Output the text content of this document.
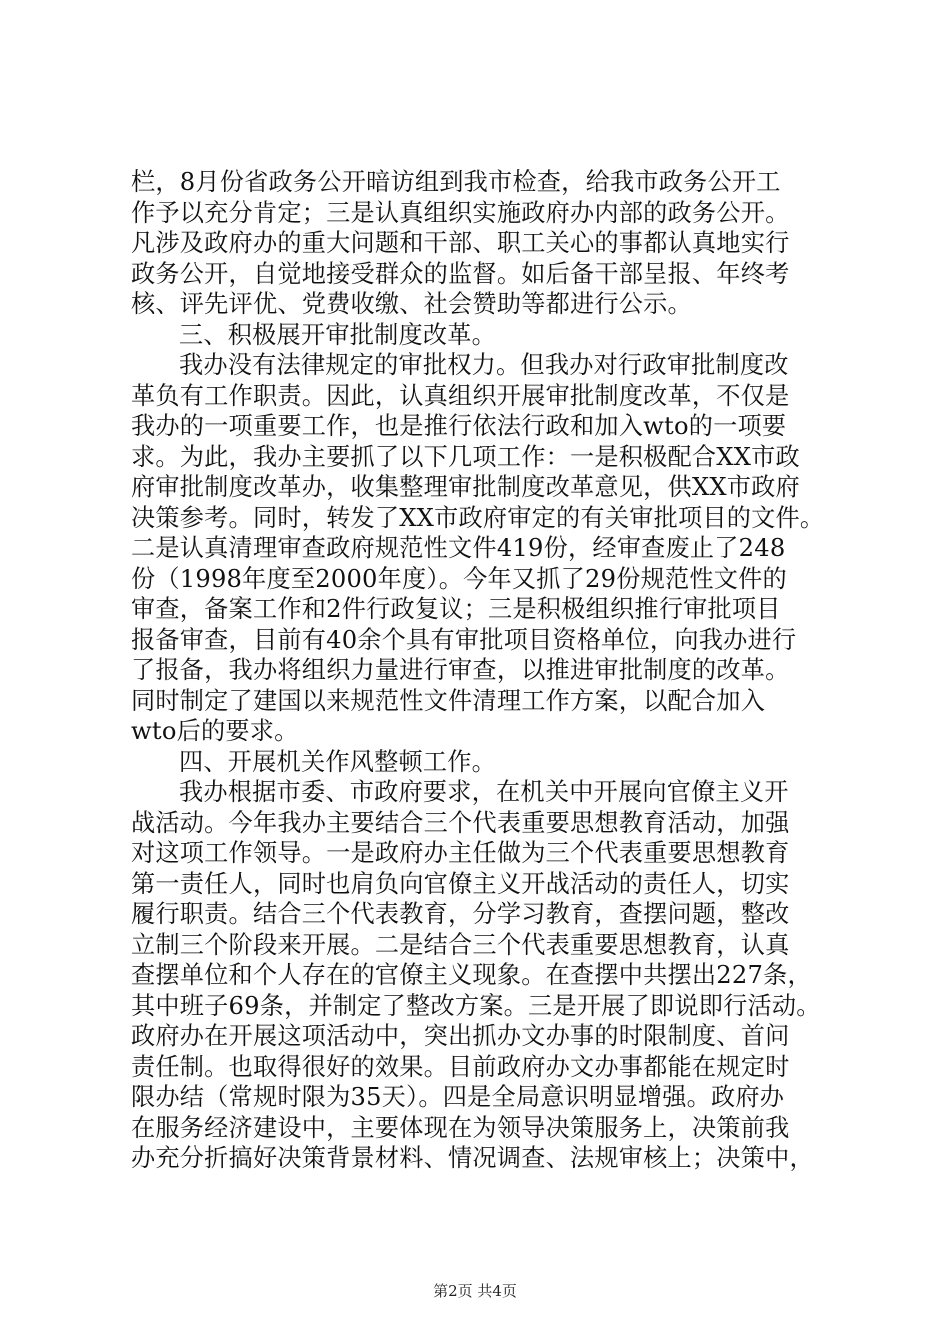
栏，8月份省政务公开暗访组到我市检查，给我市政务公开工
作予以充分肯定；三是认真组织实施政府办内部的政务公开。
凡涉及政府办的重大问题和干部、职工关心的事都认真地实行
政务公开，自觉地接受群众的监督。如后备干部呈报、年终考
核、评先评优、党费收缴、社会赞助等都进行公示。
三、积极展开审批制度改革。
我办没有法律规定的审批权力。但我办对行政审批制度改
革负有工作职责。因此，认真组织开展审批制度改革，不仅是
我办的一项重要工作，也是推行依法行政和加入wto的一项要
求。为此，我办主要抓了以下几项工作：一是积极配合XX市政
府审批制度改革办，收集整理审批制度改革意见，供XX市政府
决策参考。同时，转发了XX市政府审定的有关审批项目的文件。
二是认真清理审查政府规范性文件419份，经审查废止了248
份（1998年度至2000年度）。今年又抓了29份规范性文件的
审查，备案工作和2件行政复议；三是积极组织推行审批项目
报备审查，目前有40余个具有审批项目资格单位，向我办进行
了报备，我办将组织力量进行审查，以推进审批制度的改革。
同时制定了建国以来规范性文件清理工作方案，以配合加入
wto后的要求。
四、开展机关作风整顿工作。
我办根据市委、市政府要求，在机关中开展向官僚主义开
战活动。今年我办主要结合三个代表重要思想教育活动，加强
对这项工作领导。一是政府办主任做为三个代表重要思想教育
第一责任人，同时也肩负向官僚主义开战活动的责任人，切实
履行职责。结合三个代表教育，分学习教育，查摆问题，整改
立制三个阶段来开展。二是结合三个代表重要思想教育，认真
查摆单位和个人存在的官僚主义现象。在查摆中共摆出227条，
其中班子69条，并制定了整改方案。三是开展了即说即行活动。
政府办在开展这项活动中，突出抓办文办事的时限制度、首问
责任制。也取得很好的效果。目前政府办文办事都能在规定时
限办结（常规时限为35天）。四是全局意识明显增强。政府办
在服务经济建设中，主要体现在为领导决策服务上，决策前我
办充分折搞好决策背景材料、情况调查、法规审核上；决策中，
第2页 共4页
